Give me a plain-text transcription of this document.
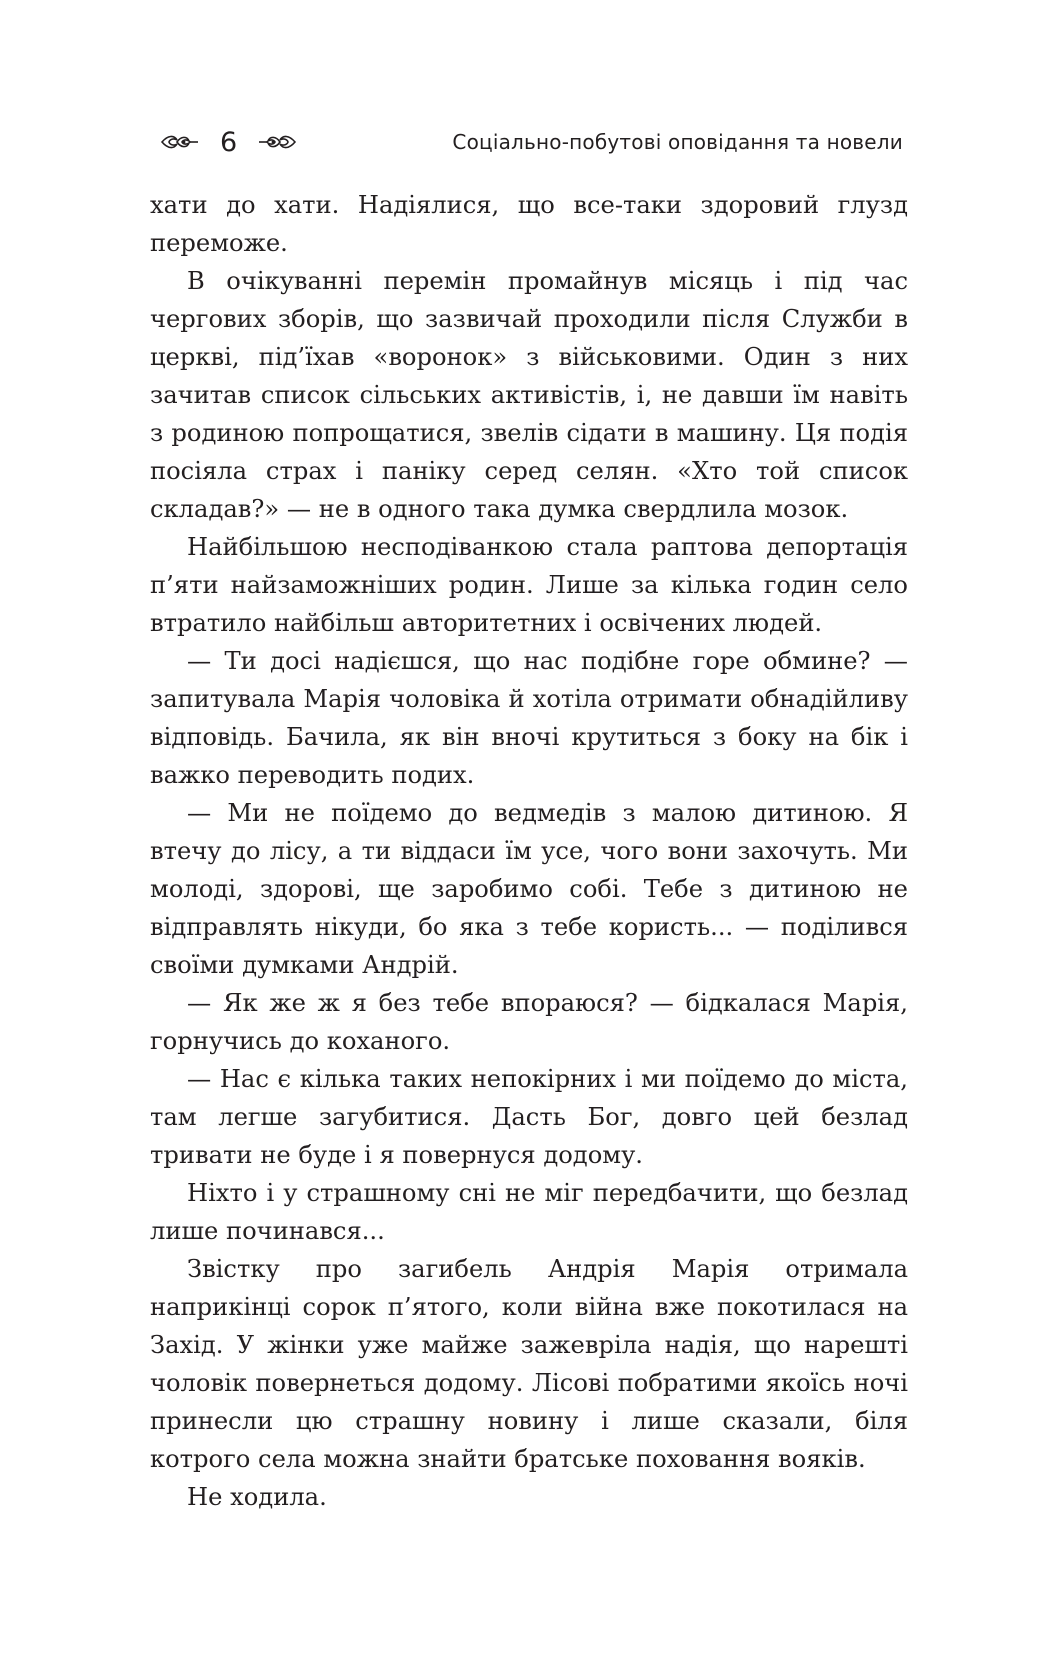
6	Соціально-побутові оповідання та новели

хати до хати. Надіялися, що все-таки здоровий глузд переможе.

В очікуванні перемін промайнув місяць і під час чергових зборів, що зазвичай проходили після Служби в церкві, під’їхав «воронок» з військовими. Один з них зачитав список сільських активістів, і, не давши їм навіть з родиною попрощатися, звелів сідати в машину. Ця подія посіяла страх і паніку серед селян. «Хто той список складав?» — не в одного така думка свердлила мозок.

Найбільшою несподіванкою стала раптова депортація п’яти найзаможніших родин. Лише за кілька годин село втратило найбільш авторитетних і освічених людей.

— Ти досі надієшся, що нас подібне горе обмине? — запитувала Марія чоловіка й хотіла отримати обнадійливу відповідь. Бачила, як він вночі крутиться з боку на бік і важко переводить подих.

— Ми не поїдемо до ведмедів з малою дитиною. Я втечу до лісу, а ти віддаси їм усе, чого вони захочуть. Ми молоді, здорові, ще заробимо собі. Тебе з дитиною не відправлять нікуди, бо яка з тебе користь... — поділився своїми думками Андрій.

— Як же ж я без тебе впораюся? — бідкалася Марія, горнучись до коханого.

— Нас є кілька таких непокірних і ми поїдемо до міста, там легше загубитися. Дасть Бог, довго цей безлад тривати не буде і я повернуся додому.

Ніхто і у страшному сні не міг передбачити, що безлад лише починався...

Звістку про загибель Андрія Марія отримала наприкінці сорок п’ятого, коли війна вже покотилася на Захід. У жінки уже майже зажевріла надія, що нарешті чоловік повернеться додому. Лісові побратими якоїсь ночі принесли цю страшну новину і лише сказали, біля котрого села можна знайти братське поховання вояків.

Не ходила.
